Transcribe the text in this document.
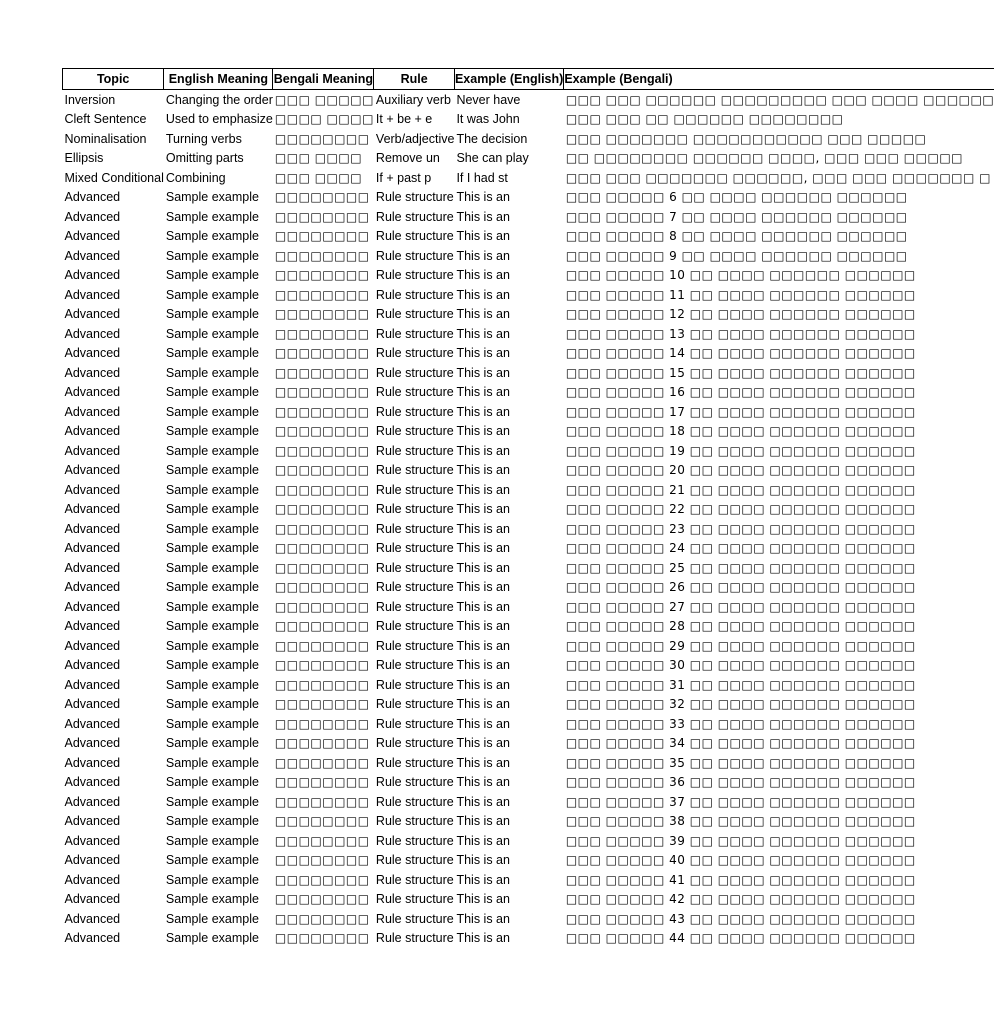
Topic	English Meaning	Bengali Meaning	Rule	Example (English)	Example (Bengali)
Inversion	Changing the order	□□□ □□□□□	Auxiliary verb	Never have	□□□ □□□ □□□□□□ □□□□□□□□□ □□□ □□□□ □□□□□□
Cleft Sentence	Used to emphasize	□□□□ □□□□	It + be + e	It was John	□□□ □□□ □□ □□□□□□ □□□□□□□□
Nominalisation	Turning verbs	□□□□□□□□	Verb/adjective	The decision	□□□ □□□□□□□ □□□□□□□□□□□ □□□ □□□□□
Ellipsis	Omitting parts	□□□ □□□□	Remove un	She can play	□□ □□□□□□□□ □□□□□□ □□□□, □□□ □□□ □□□□□
Mixed Conditional	Combining	□□□ □□□□	If + past p	If I had st	□□□ □□□ □□□□□□□ □□□□□□, □□□ □□□ □□□□□□□ □
Advanced	Sample example	□□□□□□□□	Rule structure	This is an	□□□ □□□□□ 6 □□ □□□□ □□□□□□ □□□□□□
Advanced	Sample example	□□□□□□□□	Rule structure	This is an	□□□ □□□□□ 7 □□ □□□□ □□□□□□ □□□□□□
Advanced	Sample example	□□□□□□□□	Rule structure	This is an	□□□ □□□□□ 8 □□ □□□□ □□□□□□ □□□□□□
Advanced	Sample example	□□□□□□□□	Rule structure	This is an	□□□ □□□□□ 9 □□ □□□□ □□□□□□ □□□□□□
Advanced	Sample example	□□□□□□□□	Rule structure	This is an	□□□ □□□□□ 10 □□ □□□□ □□□□□□ □□□□□□
Advanced	Sample example	□□□□□□□□	Rule structure	This is an	□□□ □□□□□ 11 □□ □□□□ □□□□□□ □□□□□□
Advanced	Sample example	□□□□□□□□	Rule structure	This is an	□□□ □□□□□ 12 □□ □□□□ □□□□□□ □□□□□□
Advanced	Sample example	□□□□□□□□	Rule structure	This is an	□□□ □□□□□ 13 □□ □□□□ □□□□□□ □□□□□□
Advanced	Sample example	□□□□□□□□	Rule structure	This is an	□□□ □□□□□ 14 □□ □□□□ □□□□□□ □□□□□□
Advanced	Sample example	□□□□□□□□	Rule structure	This is an	□□□ □□□□□ 15 □□ □□□□ □□□□□□ □□□□□□
Advanced	Sample example	□□□□□□□□	Rule structure	This is an	□□□ □□□□□ 16 □□ □□□□ □□□□□□ □□□□□□
Advanced	Sample example	□□□□□□□□	Rule structure	This is an	□□□ □□□□□ 17 □□ □□□□ □□□□□□ □□□□□□
Advanced	Sample example	□□□□□□□□	Rule structure	This is an	□□□ □□□□□ 18 □□ □□□□ □□□□□□ □□□□□□
Advanced	Sample example	□□□□□□□□	Rule structure	This is an	□□□ □□□□□ 19 □□ □□□□ □□□□□□ □□□□□□
Advanced	Sample example	□□□□□□□□	Rule structure	This is an	□□□ □□□□□ 20 □□ □□□□ □□□□□□ □□□□□□
Advanced	Sample example	□□□□□□□□	Rule structure	This is an	□□□ □□□□□ 21 □□ □□□□ □□□□□□ □□□□□□
Advanced	Sample example	□□□□□□□□	Rule structure	This is an	□□□ □□□□□ 22 □□ □□□□ □□□□□□ □□□□□□
Advanced	Sample example	□□□□□□□□	Rule structure	This is an	□□□ □□□□□ 23 □□ □□□□ □□□□□□ □□□□□□
Advanced	Sample example	□□□□□□□□	Rule structure	This is an	□□□ □□□□□ 24 □□ □□□□ □□□□□□ □□□□□□
Advanced	Sample example	□□□□□□□□	Rule structure	This is an	□□□ □□□□□ 25 □□ □□□□ □□□□□□ □□□□□□
Advanced	Sample example	□□□□□□□□	Rule structure	This is an	□□□ □□□□□ 26 □□ □□□□ □□□□□□ □□□□□□
Advanced	Sample example	□□□□□□□□	Rule structure	This is an	□□□ □□□□□ 27 □□ □□□□ □□□□□□ □□□□□□
Advanced	Sample example	□□□□□□□□	Rule structure	This is an	□□□ □□□□□ 28 □□ □□□□ □□□□□□ □□□□□□
Advanced	Sample example	□□□□□□□□	Rule structure	This is an	□□□ □□□□□ 29 □□ □□□□ □□□□□□ □□□□□□
Advanced	Sample example	□□□□□□□□	Rule structure	This is an	□□□ □□□□□ 30 □□ □□□□ □□□□□□ □□□□□□
Advanced	Sample example	□□□□□□□□	Rule structure	This is an	□□□ □□□□□ 31 □□ □□□□ □□□□□□ □□□□□□
Advanced	Sample example	□□□□□□□□	Rule structure	This is an	□□□ □□□□□ 32 □□ □□□□ □□□□□□ □□□□□□
Advanced	Sample example	□□□□□□□□	Rule structure	This is an	□□□ □□□□□ 33 □□ □□□□ □□□□□□ □□□□□□
Advanced	Sample example	□□□□□□□□	Rule structure	This is an	□□□ □□□□□ 34 □□ □□□□ □□□□□□ □□□□□□
Advanced	Sample example	□□□□□□□□	Rule structure	This is an	□□□ □□□□□ 35 □□ □□□□ □□□□□□ □□□□□□
Advanced	Sample example	□□□□□□□□	Rule structure	This is an	□□□ □□□□□ 36 □□ □□□□ □□□□□□ □□□□□□
Advanced	Sample example	□□□□□□□□	Rule structure	This is an	□□□ □□□□□ 37 □□ □□□□ □□□□□□ □□□□□□
Advanced	Sample example	□□□□□□□□	Rule structure	This is an	□□□ □□□□□ 38 □□ □□□□ □□□□□□ □□□□□□
Advanced	Sample example	□□□□□□□□	Rule structure	This is an	□□□ □□□□□ 39 □□ □□□□ □□□□□□ □□□□□□
Advanced	Sample example	□□□□□□□□	Rule structure	This is an	□□□ □□□□□ 40 □□ □□□□ □□□□□□ □□□□□□
Advanced	Sample example	□□□□□□□□	Rule structure	This is an	□□□ □□□□□ 41 □□ □□□□ □□□□□□ □□□□□□
Advanced	Sample example	□□□□□□□□	Rule structure	This is an	□□□ □□□□□ 42 □□ □□□□ □□□□□□ □□□□□□
Advanced	Sample example	□□□□□□□□	Rule structure	This is an	□□□ □□□□□ 43 □□ □□□□ □□□□□□ □□□□□□
Advanced	Sample example	□□□□□□□□	Rule structure	This is an	□□□ □□□□□ 44 □□ □□□□ □□□□□□ □□□□□□
